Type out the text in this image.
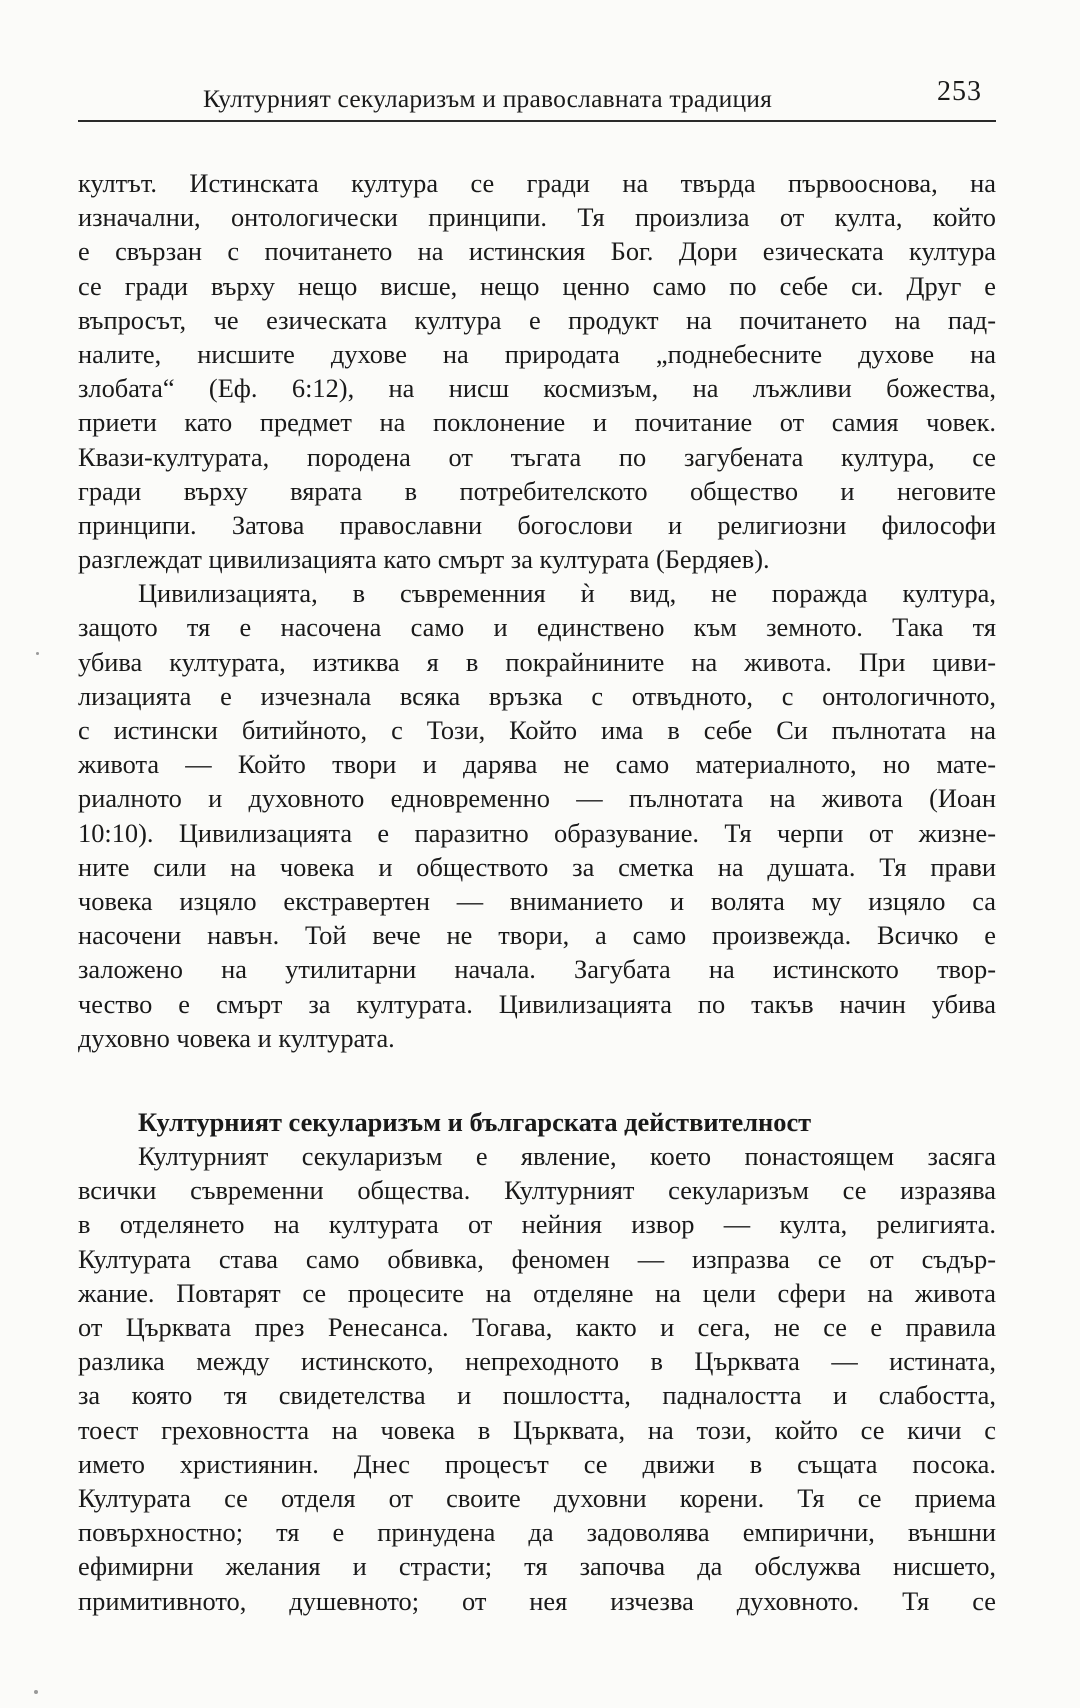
Културният секуларизъм и православната традиция	253
култът. Истинската култура се гради на твърда първооснова, на
изначални, онтологически принципи. Тя произлиза от култа, който
е свързан с почитането на истинския Бог. Дори езическата култура
се гради върху нещо висше, нещо ценно само по себе си. Друг е
въпросът, че езическата култура е продукт на почитането на пад-
налите, нисшите духове на природата „поднебесните духове на
злобата“ (Еф. 6:12), на нисш космизъм, на лъжливи божества,
приети като предмет на поклонение и почитание от самия човек.
Квази-културата, породена от тъгата по загубената култура, се
гради върху вярата в потребителското общество и неговите
принципи. Затова православни богослови и религиозни философи
разглеждат цивилизацията като смърт за културата (Бердяев).
Цивилизацията, в съвременния ѝ вид, не поражда култура,
защото тя е насочена само и единствено към земното. Така тя
убива културата, изтиква я в покрайнините на живота. При циви-
лизацията е изчезнала всяка връзка с отвъдното, с онтологичното,
с истински битийното, с Този, Който има в себе Си пълнотата на
живота — Който твори и дарява не само материалното, но мате-
риалното и духовното едновременно — пълнотата на живота (Иоан
10:10). Цивилизацията е паразитно образувание. Тя черпи от жизне-
ните сили на човека и обществото за сметка на душата. Тя прави
човека изцяло екстравертен — вниманието и волята му изцяло са
насочени навън. Той вече не твори, а само произвежда. Всичко е
заложено на утилитарни начала. Загубата на истинското твор-
чество е смърт за културата. Цивилизацията по такъв начин убива
духовно човека и културата.
Културният секуларизъм и българската действителност
Културният секуларизъм е явление, което понастоящем засяга
всички съвременни общества. Културният секуларизъм се изразява
в отделянето на културата от нейния извор — култа, религията.
Културата става само обвивка, феномен — изпразва се от съдър-
жание. Повтарят се процесите на отделяне на цели сфери на живота
от Църквата през Ренесанса. Тогава, както и сега, не се е правила
разлика между истинското, непреходното в Църквата — истината,
за която тя свидетелства и пошлостта, падналостта и слабостта,
тоест греховността на човека в Църквата, на този, който се кичи с
името християнин. Днес процесът се движи в същата посока.
Културата се отделя от своите духовни корени. Тя се приема
повърхностно; тя е принудена да задоволява емпирични, външни
ефимирни желания и страсти; тя започва да обслужва нисшето,
примитивното, душевното; от нея изчезва духовното. Тя се
